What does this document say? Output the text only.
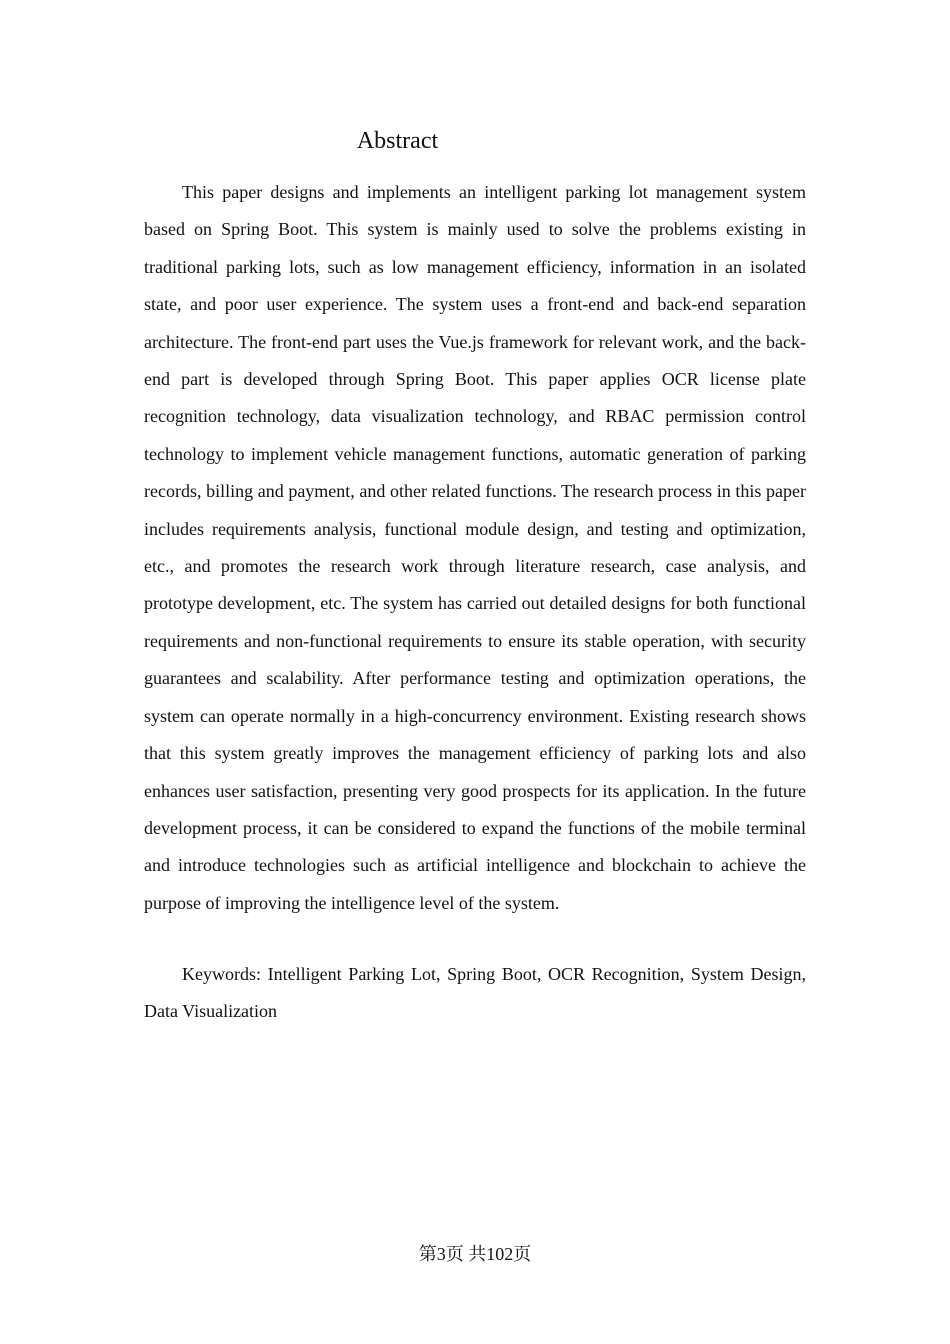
Abstract

This paper designs and implements an intelligent parking lot management system based on Spring Boot. This system is mainly used to solve the problems existing in traditional parking lots, such as low management efficiency, information in an isolated state, and poor user experience. The system uses a front-end and back-end separation architecture. The front-end part uses the Vue.js framework for relevant work, and the back-end part is developed through Spring Boot. This paper applies OCR license plate recognition technology, data visualization technology, and RBAC permission control technology to implement vehicle management functions, automatic generation of parking records, billing and payment, and other related functions. The research process in this paper includes requirements analysis, functional module design, and testing and optimization, etc., and promotes the research work through literature research, case analysis, and prototype development, etc. The system has carried out detailed designs for both functional requirements and non-functional requirements to ensure its stable operation, with security guarantees and scalability. After performance testing and optimization operations, the system can operate normally in a high-concurrency environment. Existing research shows that this system greatly improves the management efficiency of parking lots and also enhances user satisfaction, presenting very good prospects for its application. In the future development process, it can be considered to expand the functions of the mobile terminal and introduce technologies such as artificial intelligence and blockchain to achieve the purpose of improving the intelligence level of the system.

Keywords: Intelligent Parking Lot, Spring Boot, OCR Recognition, System Design, Data Visualization

第3页 共102页
